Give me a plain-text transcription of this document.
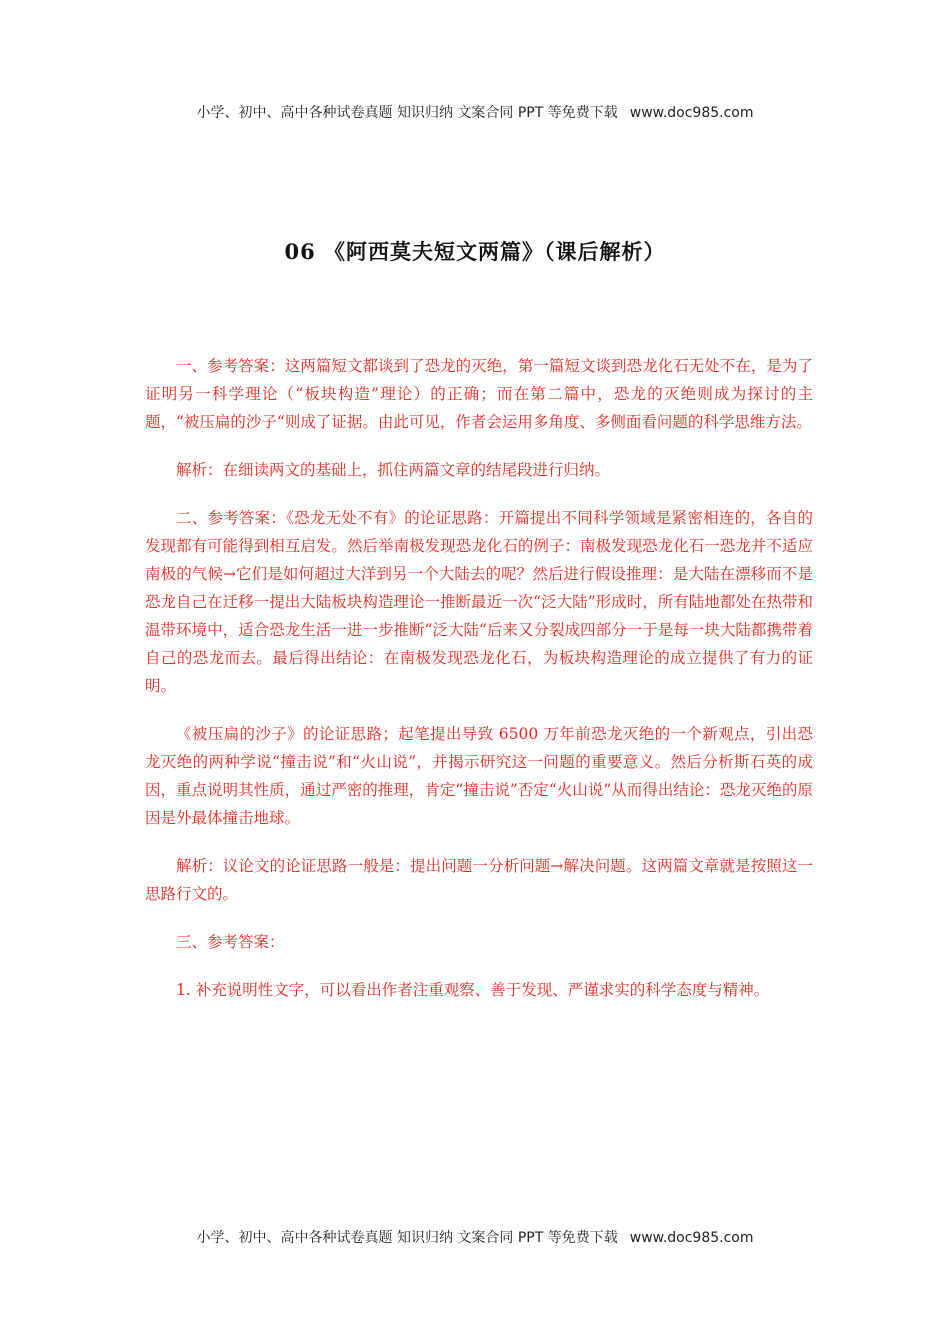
小学、初中、高中各种试卷真题 知识归纳 文案合同 PPT 等免费下载 www.doc985.com
06 《阿西莫夫短文两篇》（课后解析）

一、参考答案：这两篇短文都谈到了恐龙的灭绝，第一篇短文谈到恐龙化石无处不在，是为了证明另一科学理论（“板块构造”理论）的正确；而在第二篇中，恐龙的灭绝则成为探讨的主题，“被压扁的沙子“则成了证据。由此可见，作者会运用多角度、多侧面看问题的科学思维方法。

解析：在细读两文的基础上，抓住两篇文章的结尾段进行归纳。

二、参考答案：《恐龙无处不有》的论证思路：开篇提出不同科学领域是紧密相连的，各自的发现都有可能得到相互启发。然后举南极发现恐龙化石的例子：南极发现恐龙化石一恐龙并不适应南极的气候→它们是如何超过大洋到另一个大陆去的呢？然后进行假设推理：是大陆在漂移而不是恐龙自己在迁移一提出大陆板块构造理论一推断最近一次“泛大陆”形成时，所有陆地都处在热带和温带环境中，适合恐龙生活一进一步推断“泛大陆“后来又分裂成四部分一于是每一块大陆都携带着自己的恐龙而去。最后得出结论：在南极发现恐龙化石，为板块构造理论的成立提供了有力的证明。

《被压扁的沙子》的论证思路；起笔提出导致 6500 万年前恐龙灭绝的一个新观点，引出恐龙灭绝的两种学说“撞击说”和“火山说”，并揭示研究这一问题的重要意义。然后分析斯石英的成因，重点说明其性质，通过严密的推理，肯定“撞击说”否定“火山说”从而得出结论：恐龙灭绝的原因是外最体撞击地球。

解析：议论文的论证思路一般是：提出问题一分析问题→解决问题。这两篇文章就是按照这一思路行文的。

三、参考答案：

1. 补充说明性文字，可以看出作者注重观察、善于发现、严谨求实的科学态度与精神。

小学、初中、高中各种试卷真题 知识归纳 文案合同 PPT 等免费下载 www.doc985.com
